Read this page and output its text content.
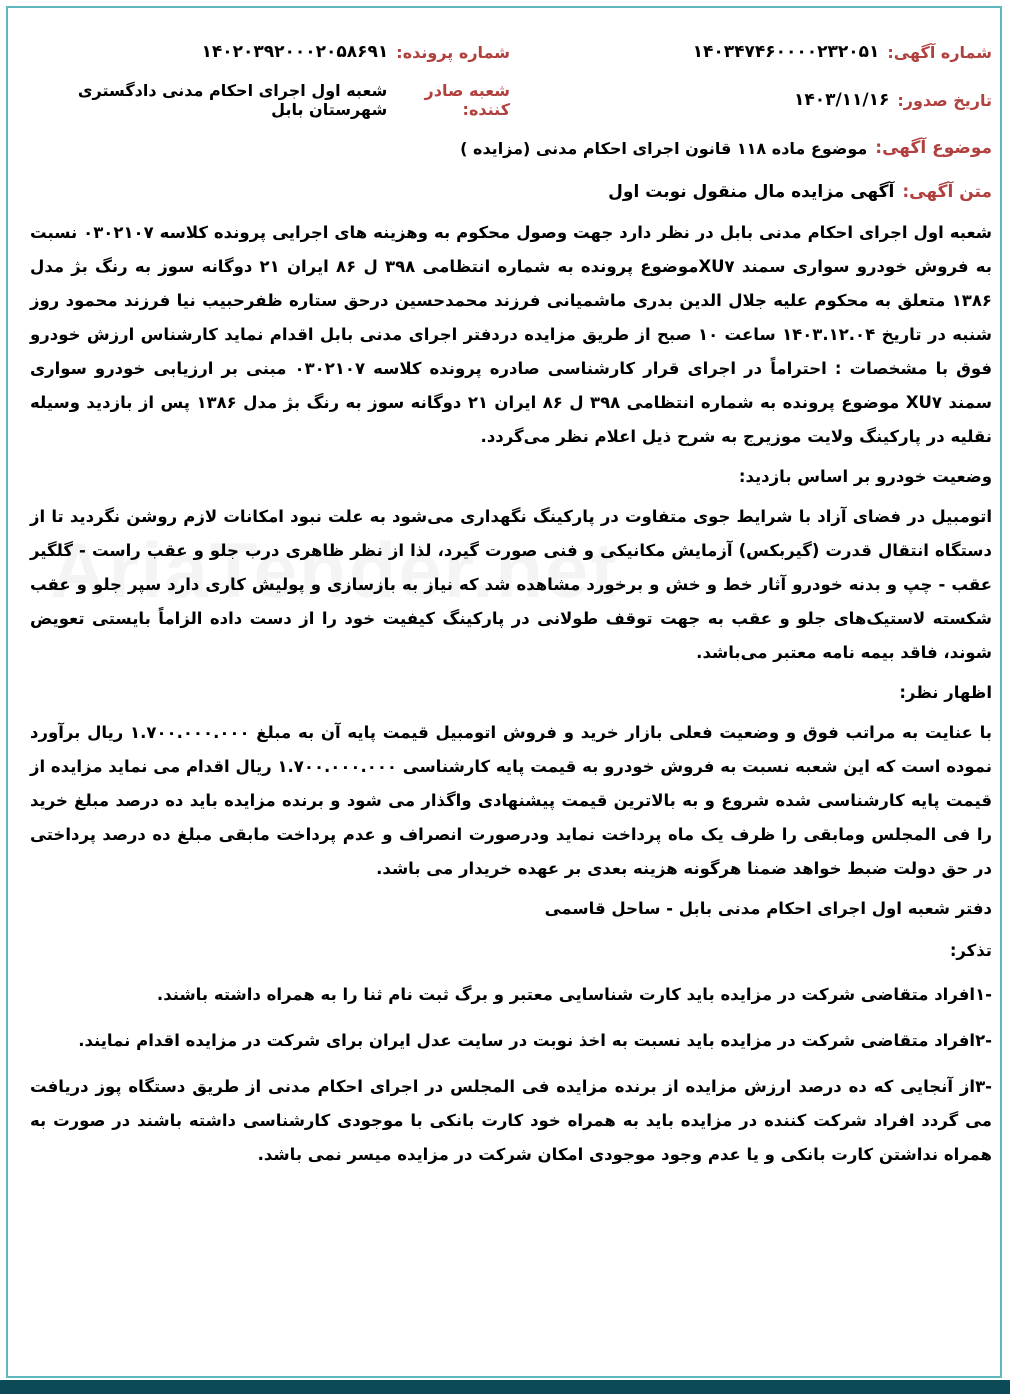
شماره آگهی:
۱۴۰۳۴۷۴۶۰۰۰۰۲۳۲۰۵۱
شماره پرونده:
۱۴۰۲۰۳۹۲۰۰۰۲۰۵۸۶۹۱
تاریخ صدور:
۱۴۰۳/۱۱/۱۶
شعبه صادر کننده:
شعبه اول اجرای احکام مدنی دادگستری شهرستان بابل
موضوع آگهی:
موضوع ماده ۱۱۸ قانون اجرای احکام مدنی (مزایده )
متن آگهی:
آگهی مزایده مال منقول نوبت اول

شعبه اول اجرای احکام مدنی بابل در نظر دارد جهت وصول محکوم به وهزینه های اجرایی پرونده کلاسه ۰۳۰۲۱۰۷ نسبت به فروش خودرو سواری سمند XU۷موضوع پرونده به شماره انتظامی ۳۹۸ ل ۸۶ ایران ۲۱ دوگانه سوز به رنگ بژ مدل ۱۳۸۶ متعلق به محکوم علیه جلال الدین بدری ماشمیانی فرزند محمدحسین درحق ستاره ظفرحبیب نیا فرزند محمود روز شنبه در تاریخ ۱۴۰۳.۱۲.۰۴ ساعت ۱۰ صبح از طریق مزایده دردفتر اجرای مدنی بابل اقدام نماید کارشناس ارزش خودرو فوق با مشخصات : احتراماً در اجرای قرار کارشناسی صادره پرونده کلاسه ۰۳۰۲۱۰۷ مبنی بر ارزیابی خودرو سواری سمند XU۷ موضوع پرونده به شماره انتظامی ۳۹۸ ل ۸۶ ایران ۲۱ دوگانه سوز به رنگ بژ مدل ۱۳۸۶ پس از بازدید وسیله نقلیه در پارکینگ ولایت موزیرج به شرح ذیل اعلام نظر می‌گردد.

وضعیت خودرو بر اساس بازدید:

اتومبیل در فضای آزاد با شرایط جوی متفاوت در پارکینگ نگهداری می‌شود به علت نبود امکانات لازم روشن نگردید تا از دستگاه انتقال قدرت (گیربکس) آزمایش مکانیکی و فنی صورت گیرد، لذا از نظر ظاهری درب جلو و عقب راست - گلگیر عقب - چپ و بدنه خودرو آثار خط و خش و برخورد مشاهده شد که نیاز به بازسازی و پولیش کاری دارد سپر جلو و عقب شکسته لاستیک‌های جلو و عقب به جهت توقف طولانی در پارکینگ کیفیت خود را از دست داده الزاماً بایستی تعویض شوند، فاقد بیمه نامه معتبر می‌باشد.

اظهار نظر:

با عنایت به مراتب فوق و وضعیت فعلی بازار خرید و فروش اتومبیل قیمت پایه آن به مبلغ ۱.۷۰۰.۰۰۰.۰۰۰ ریال برآورد نموده است که این شعبه نسبت به فروش خودرو به قیمت پایه کارشناسی ۱.۷۰۰.۰۰۰.۰۰۰ ریال اقدام می نماید مزایده از قیمت پایه کارشناسی شده شروع و به بالاترین قیمت پیشنهادی واگذار می شود و برنده مزایده باید ده درصد مبلغ خرید را فی المجلس ومابقی را ظرف یک ماه پرداخت نماید ودرصورت انصراف و عدم پرداخت مابقی مبلغ ده درصد پرداختی در حق دولت ضبط خواهد ضمنا هرگونه هزینه بعدی بر عهده خریدار می باشد.

دفتر شعبه اول اجرای احکام مدنی بابل - ساحل قاسمی
تذکر:

-۱افراد متقاضی شرکت در مزایده باید کارت شناسایی معتبر و برگ ثبت نام ثنا را به همراه داشته باشند.

-۲افراد متقاضی شرکت در مزایده باید نسبت به اخذ نوبت در سایت عدل ایران برای شرکت در مزایده اقدام نمایند.

-۳از آنجایی که ده درصد ارزش مزایده از برنده مزایده فی المجلس در اجرای احکام مدنی از طریق دستگاه پوز دریافت می گردد افراد شرکت کننده در مزایده باید به همراه خود کارت بانکی با موجودی کارشناسی داشته باشند در صورت به همراه نداشتن کارت بانکی و یا عدم وجود موجودی امکان شرکت در مزایده میسر نمی باشد.
